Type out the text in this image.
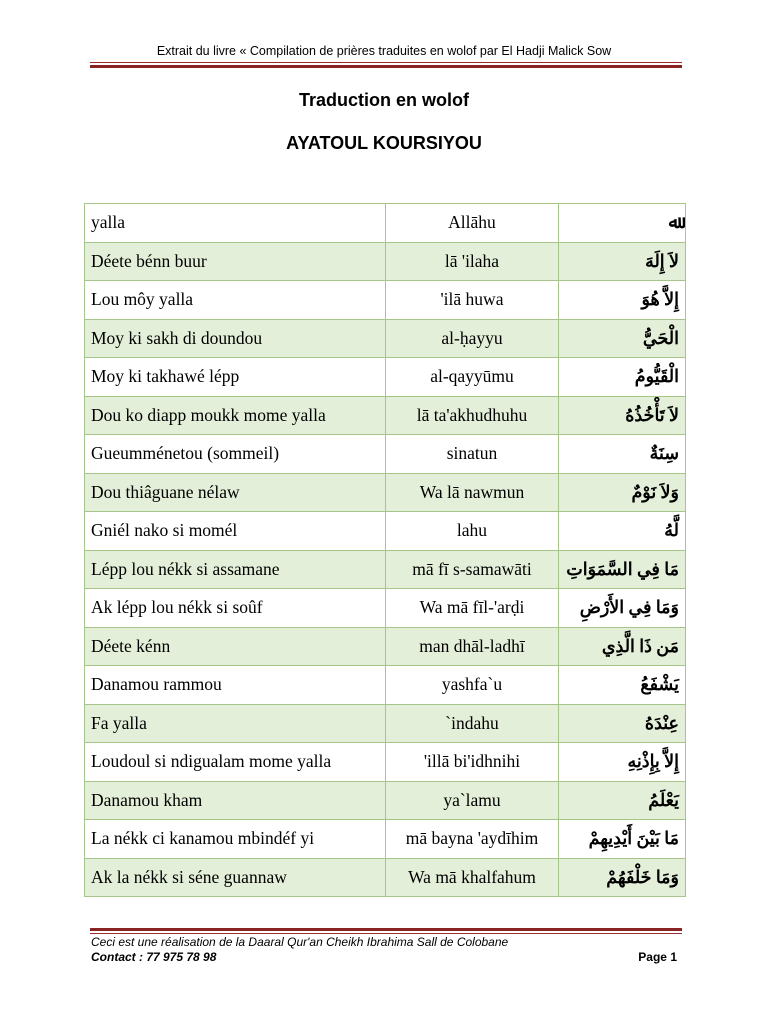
Extrait du livre « Compilation de prières traduites en wolof par El Hadji Malick Sow
Traduction en wolof
AYATOUL KOURSIYOU
yalla	Allāhu	ﷲ
Déete bénn buur	lā 'ilaha	لاَ إِلَهَ
Lou môy yalla	'ilā huwa	إِلاَّ هُوَ
Moy ki sakh di doundou	al-ḥayyu	الْحَيُّ
Moy ki takhawé lépp	al-qayyūmu	الْقَيُّومُ
Dou ko diapp moukk mome yalla	lā ta'akhudhuhu	لاَ تَأْخُذُهُ
Gueumménetou (sommeil)	sinatun	سِنَةٌ
Dou thiâguane nélaw	Wa lā nawmun	وَلاَ نَوْمٌ
Gniél nako si momél	lahu	لَّهُ
Lépp lou nékk si assamane	mā fī s-samawāti	مَا فِي السَّمَوَاتِ
Ak lépp lou nékk si soûf	Wa mā fīl-'arḍi	وَمَا فِي الأَرْضِ
Déete kénn	man dhāl-ladhī	مَن ذَا الَّذِي
Danamou rammou	yashfa`u	يَشْفَعُ
Fa yalla	`indahu	عِنْدَهُ
Loudoul si ndigualam mome yalla	'illā bi'idhnihi	إِلاَّ بِإِذْنِهِ
Danamou kham	ya`lamu	يَعْلَمُ
La nékk ci kanamou mbindéf yi	mā bayna 'aydīhim	مَا بَيْنَ أَيْدِيهِمْ
Ak la nékk si séne guannaw	Wa mā khalfahum	وَمَا خَلْفَهُمْ
Ceci est une réalisation de la Daaral Qur'an Cheikh Ibrahima Sall de Colobane
Contact : 77 975 78 98	Page 1
